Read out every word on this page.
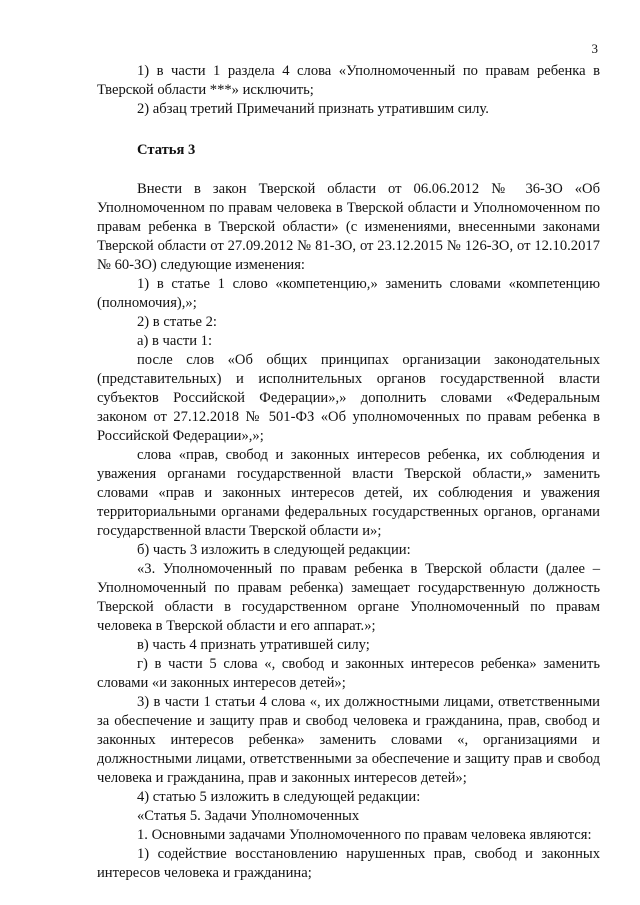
3

1) в части 1 раздела 4 слова «Уполномоченный по правам ребенка в Тверской области ***» исключить;

2) абзац третий Примечаний признать утратившим силу.

Статья 3

Внести в закон Тверской области от 06.06.2012 № 36-ЗО «Об Уполномоченном по правам человека в Тверской области и Уполномоченном по правам ребенка в Тверской области» (с изменениями, внесенными законами Тверской области от 27.09.2012 № 81-ЗО, от 23.12.2015 № 126-ЗО, от 12.10.2017 № 60-ЗО) следующие изменения:

1) в статье 1 слово «компетенцию,» заменить словами «компетенцию (полномочия),»;

2) в статье 2:

а) в части 1:

после слов «Об общих принципах организации законодательных (представительных) и исполнительных органов государственной власти субъектов Российской Федерации»,» дополнить словами «Федеральным законом от 27.12.2018 № 501-ФЗ «Об уполномоченных по правам ребенка в Российской Федерации»,»;

слова «прав, свобод и законных интересов ребенка, их соблюдения и уважения органами государственной власти Тверской области,» заменить словами «прав и законных интересов детей, их соблюдения и уважения территориальными органами федеральных государственных органов, органами государственной власти Тверской области и»;

б) часть 3 изложить в следующей редакции:

«3. Уполномоченный по правам ребенка в Тверской области (далее – Уполномоченный по правам ребенка) замещает государственную должность Тверской области в государственном органе Уполномоченный по правам человека в Тверской области и его аппарат.»;

в) часть 4 признать утратившей силу;

г) в части 5 слова «, свобод и законных интересов ребенка» заменить словами «и законных интересов детей»;

3) в части 1 статьи 4 слова «, их должностными лицами, ответственными за обеспечение и защиту прав и свобод человека и гражданина, прав, свобод и законных интересов ребенка» заменить словами «, организациями и должностными лицами, ответственными за обеспечение и защиту прав и свобод человека и гражданина, прав и законных интересов детей»;

4) статью 5 изложить в следующей редакции:

«Статья 5. Задачи Уполномоченных

1. Основными задачами Уполномоченного по правам человека являются:

1) содействие восстановлению нарушенных прав, свобод и законных интересов человека и гражданина;
